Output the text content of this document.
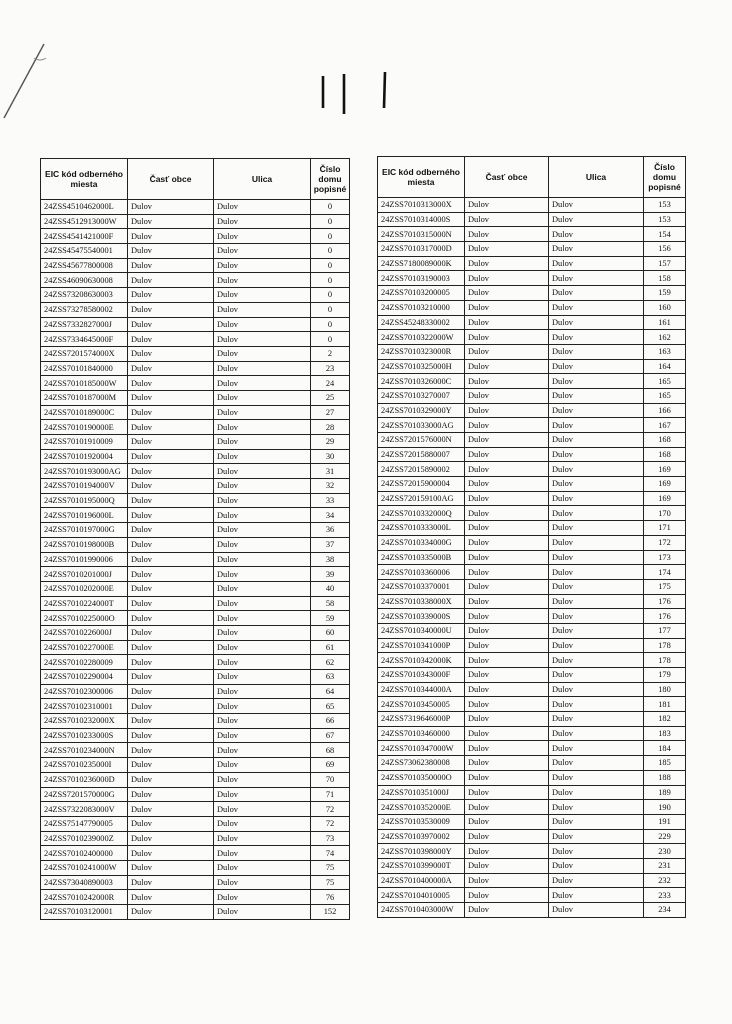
EIC kód odberného miesta	Časť obce	Ulica	Číslo domu popisné
24ZSS4510462000L	Dulov	Dulov	0
24ZSS4512913000W	Dulov	Dulov	0
24ZSS4541421000F	Dulov	Dulov	0
24ZSS45475540001	Dulov	Dulov	0
24ZSS45677800008	Dulov	Dulov	0
24ZSS46090630008	Dulov	Dulov	0
24ZSS73208630003	Dulov	Dulov	0
24ZSS73278580002	Dulov	Dulov	0
24ZSS7332827000J	Dulov	Dulov	0
24ZSS7334645000F	Dulov	Dulov	0
24ZSS7201574000X	Dulov	Dulov	2
24ZSS70101840000	Dulov	Dulov	23
24ZSS7010185000W	Dulov	Dulov	24
24ZSS7010187000M	Dulov	Dulov	25
24ZSS7010189000C	Dulov	Dulov	27
24ZSS7010190000E	Dulov	Dulov	28
24ZSS70101910009	Dulov	Dulov	29
24ZSS70101920004	Dulov	Dulov	30
24ZSS7010193000AG	Dulov	Dulov	31
24ZSS7010194000V	Dulov	Dulov	32
24ZSS7010195000Q	Dulov	Dulov	33
24ZSS7010196000L	Dulov	Dulov	34
24ZSS7010197000G	Dulov	Dulov	36
24ZSS7010198000B	Dulov	Dulov	37
24ZSS70101990006	Dulov	Dulov	38
24ZSS7010201000J	Dulov	Dulov	39
24ZSS7010202000E	Dulov	Dulov	40
24ZSS7010224000T	Dulov	Dulov	58
24ZSS7010225000O	Dulov	Dulov	59
24ZSS7010226000J	Dulov	Dulov	60
24ZSS7010227000E	Dulov	Dulov	61
24ZSS70102280009	Dulov	Dulov	62
24ZSS70102290004	Dulov	Dulov	63
24ZSS70102300006	Dulov	Dulov	64
24ZSS70102310001	Dulov	Dulov	65
24ZSS7010232000X	Dulov	Dulov	66
24ZSS7010233000S	Dulov	Dulov	67
24ZSS7010234000N	Dulov	Dulov	68
24ZSS7010235000I	Dulov	Dulov	69
24ZSS7010236000D	Dulov	Dulov	70
24ZSS7201570000G	Dulov	Dulov	71
24ZSS7322083000V	Dulov	Dulov	72
24ZSS75147790005	Dulov	Dulov	72
24ZSS7010239000Z	Dulov	Dulov	73
24ZSS70102400000	Dulov	Dulov	74
24ZSS7010241000W	Dulov	Dulov	75
24ZSS73040890003	Dulov	Dulov	75
24ZSS7010242000R	Dulov	Dulov	76
24ZSS70103120001	Dulov	Dulov	152
EIC kód odberného miesta	Časť obce	Ulica	Číslo domu popisné
24ZSS7010313000X	Dulov	Dulov	153
24ZSS7010314000S	Dulov	Dulov	153
24ZSS7010315000N	Dulov	Dulov	154
24ZSS7010317000D	Dulov	Dulov	156
24ZSS7180089000K	Dulov	Dulov	157
24ZSS70103190003	Dulov	Dulov	158
24ZSS70103200005	Dulov	Dulov	159
24ZSS70103210000	Dulov	Dulov	160
24ZSS45248330002	Dulov	Dulov	161
24ZSS7010322000W	Dulov	Dulov	162
24ZSS7010323000R	Dulov	Dulov	163
24ZSS7010325000H	Dulov	Dulov	164
24ZSS7010326000C	Dulov	Dulov	165
24ZSS70103270007	Dulov	Dulov	165
24ZSS7010329000Y	Dulov	Dulov	166
24ZSS701033000AG	Dulov	Dulov	167
24ZSS7201576000N	Dulov	Dulov	168
24ZSS72015880007	Dulov	Dulov	168
24ZSS72015890002	Dulov	Dulov	169
24ZSS72015900004	Dulov	Dulov	169
24ZSS720159100AG	Dulov	Dulov	169
24ZSS7010332000Q	Dulov	Dulov	170
24ZSS7010333000L	Dulov	Dulov	171
24ZSS7010334000G	Dulov	Dulov	172
24ZSS7010335000B	Dulov	Dulov	173
24ZSS70103360006	Dulov	Dulov	174
24ZSS70103370001	Dulov	Dulov	175
24ZSS7010338000X	Dulov	Dulov	176
24ZSS7010339000S	Dulov	Dulov	176
24ZSS7010340000U	Dulov	Dulov	177
24ZSS7010341000P	Dulov	Dulov	178
24ZSS7010342000K	Dulov	Dulov	178
24ZSS7010343000F	Dulov	Dulov	179
24ZSS7010344000A	Dulov	Dulov	180
24ZSS70103450005	Dulov	Dulov	181
24ZSS7319646000P	Dulov	Dulov	182
24ZSS70103460000	Dulov	Dulov	183
24ZSS7010347000W	Dulov	Dulov	184
24ZSS73062380008	Dulov	Dulov	185
24ZSS7010350000O	Dulov	Dulov	188
24ZSS7010351000J	Dulov	Dulov	189
24ZSS7010352000E	Dulov	Dulov	190
24ZSS70103530009	Dulov	Dulov	191
24ZSS70103970002	Dulov	Dulov	229
24ZSS7010398000Y	Dulov	Dulov	230
24ZSS7010399000T	Dulov	Dulov	231
24ZSS7010400000A	Dulov	Dulov	232
24ZSS70104010005	Dulov	Dulov	233
24ZSS7010403000W	Dulov	Dulov	234
